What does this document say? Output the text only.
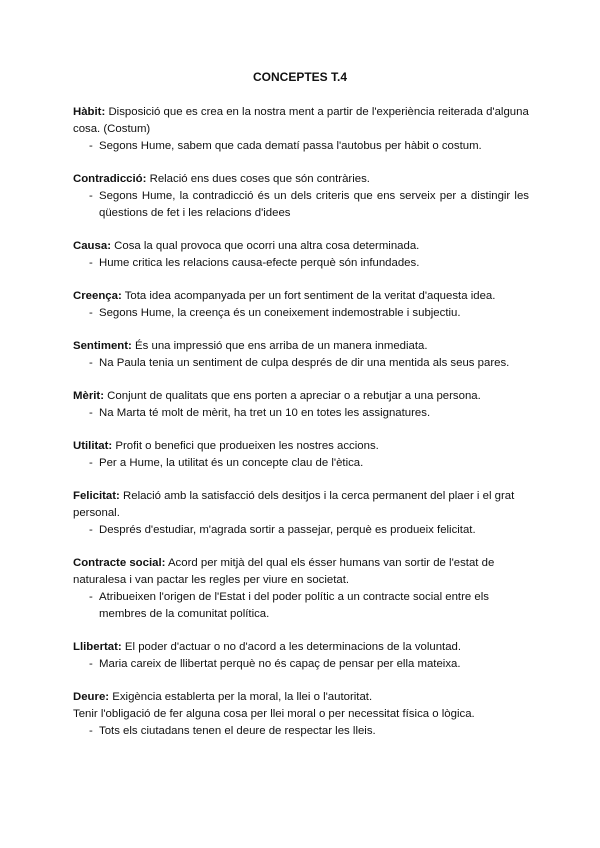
CONCEPTES T.4
Hàbit: Disposició que es crea en la nostra ment a partir de l'experiència reiterada d'alguna cosa. (Costum)
- Segons Hume, sabem que cada dematí passa l'autobus per hàbit o costum.
Contradicció: Relació ens dues coses que són contràries.
- Segons Hume, la contradicció és un dels criteris que ens serveix per a distingir les qüestions de fet i les relacions d'idees
Causa: Cosa la qual provoca que ocorri una altra cosa determinada.
- Hume critica les relacions causa-efecte perquè són infundades.
Creença: Tota idea acompanyada per un fort sentiment de la veritat d'aquesta idea.
- Segons Hume, la creença és un coneixement indemostrable i subjectiu.
Sentiment: És una impressió que ens arriba de un manera inmediata.
- Na Paula tenia un sentiment de culpa després de dir una mentida als seus pares.
Mèrit: Conjunt de qualitats que ens porten a apreciar o a rebutjar a una persona.
- Na Marta té molt de mèrit, ha tret un 10 en totes les assignatures.
Utilitat: Profit o benefici que produeixen les nostres accions.
- Per a Hume, la utilitat és un concepte clau de l'ètica.
Felicitat: Relació amb la satisfacció dels desitjos i la cerca permanent del plaer i el grat personal.
- Després d'estudiar, m'agrada sortir a passejar, perquè es produeix felicitat.
Contracte social: Acord per mitjà del qual els ésser humans van sortir de l'estat de naturalesa i van pactar les regles per viure en societat.
- Atribueixen l'origen de l'Estat i del poder polític a un contracte social entre els membres de la comunitat política.
Llibertat: El poder d'actuar o no d'acord a les determinacions de la voluntad.
- Maria careix de llibertat perquè no és capaç de pensar per ella mateixa.
Deure: Exigència establerta per la moral, la llei o l'autoritat.
Tenir l'obligació de fer alguna cosa per llei moral o per necessitat física o lògica.
- Tots els ciutadans tenen el deure de respectar les lleis.
